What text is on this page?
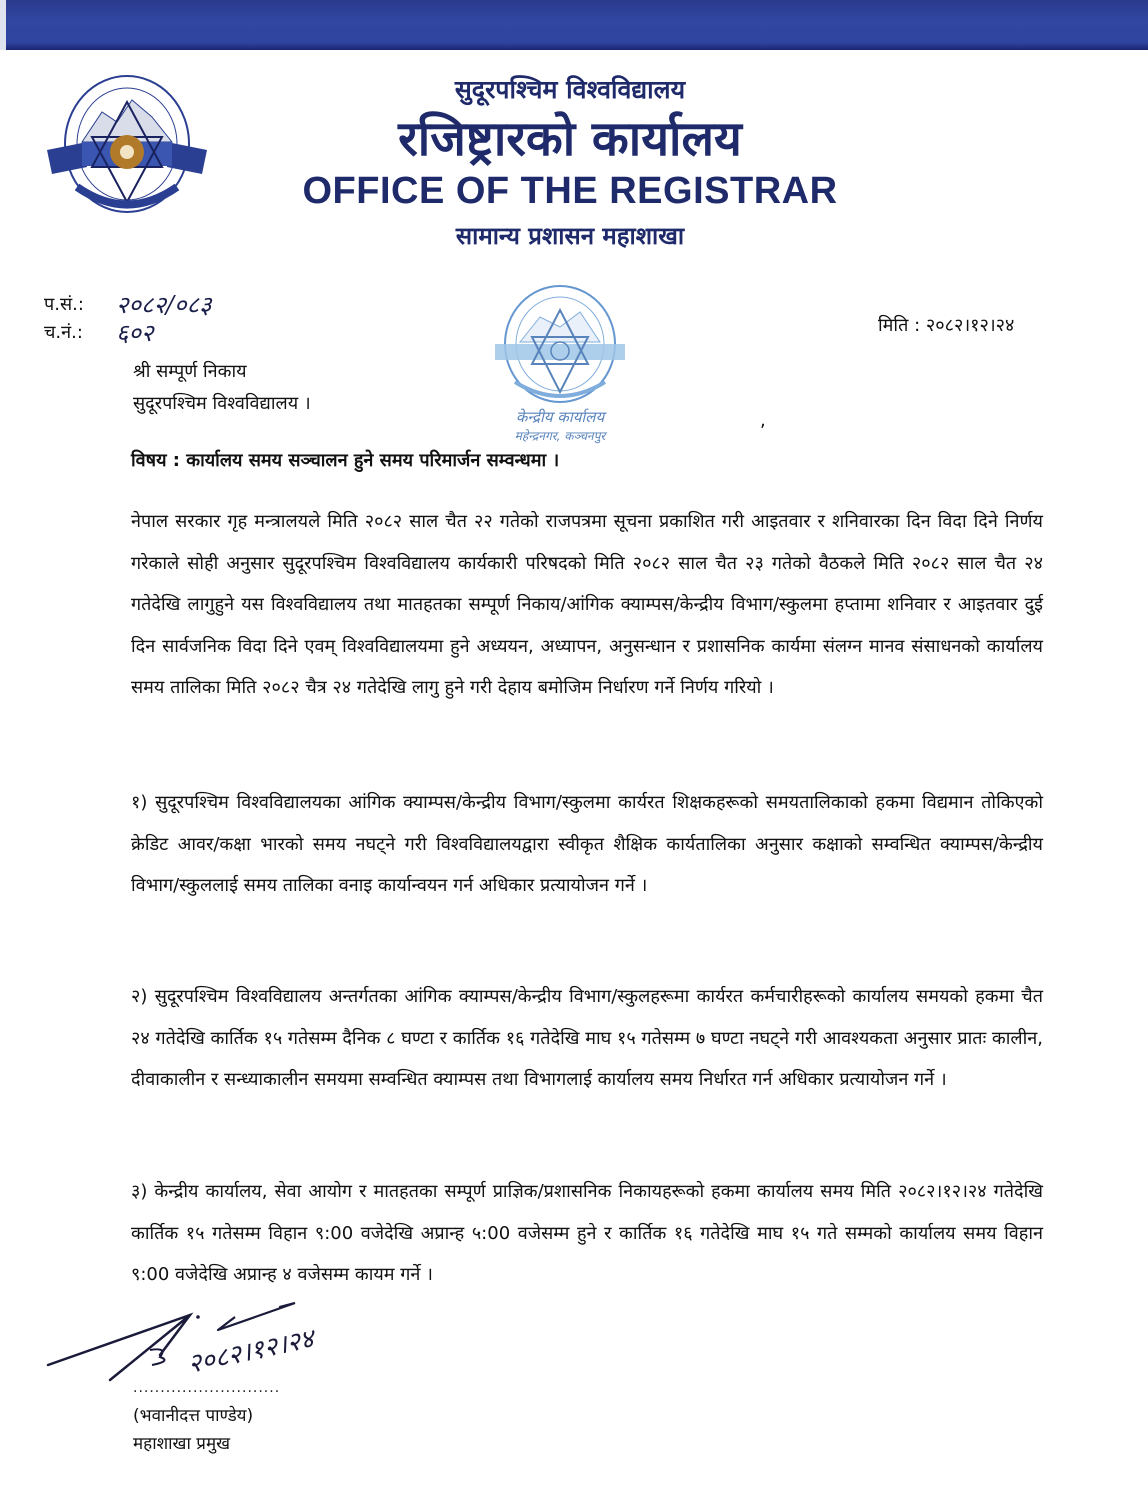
सुदूरपश्चिम विश्वविद्यालय
रजिष्ट्रारको कार्यालय
OFFICE OF THE REGISTRAR
सामान्य प्रशासन महाशाखा
प.सं.:	२०८२/०८३
च.नं.:	६०२
केन्द्रीय कार्यालय
महेन्द्रनगर, कञ्चनपुर
मिति : २०८२।१२।२४
श्री सम्पूर्ण निकाय
सुदूरपश्चिम विश्वविद्यालय ।
,
विषय : कार्यालय समय सञ्चालन हुने समय परिमार्जन सम्वन्धमा ।

नेपाल सरकार गृह मन्त्रालयले मिति २०८२ साल चैत २२ गतेको राजपत्रमा सूचना प्रकाशित गरी आइतवार र शनिवारका दिन विदा दिने निर्णय गरेकाले सोही अनुसार सुदूरपश्चिम विश्वविद्यालय कार्यकारी परिषदको मिति २०८२ साल चैत २३ गतेको वैठकले मिति २०८२ साल चैत २४ गतेदेखि लागुहुने यस विश्वविद्यालय तथा मातहतका सम्पूर्ण निकाय/आंगिक क्याम्पस/केन्द्रीय विभाग/स्कुलमा हप्तामा शनिवार र आइतवार दुई दिन सार्वजनिक विदा दिने एवम् विश्वविद्यालयमा हुने अध्ययन, अध्यापन, अनुसन्धान र प्रशासनिक कार्यमा संलग्न मानव संसाधनको कार्यालय समय तालिका मिति २०८२ चैत्र २४ गतेदेखि लागु हुने गरी देहाय बमोजिम निर्धारण गर्ने निर्णय गरियो ।

१) सुदूरपश्चिम विश्वविद्यालयका आंगिक क्याम्पस/केन्द्रीय विभाग/स्कुलमा कार्यरत शिक्षकहरूको समयतालिकाको हकमा विद्यमान तोकिएको क्रेडिट आवर/कक्षा भारको समय नघट्ने गरी विश्वविद्यालयद्वारा स्वीकृत शैक्षिक कार्यतालिका अनुसार कक्षाको सम्वन्धित क्याम्पस/केन्द्रीय विभाग/स्कुललाई समय तालिका वनाइ कार्यान्वयन गर्न अधिकार प्रत्यायोजन गर्ने ।

२) सुदूरपश्चिम विश्वविद्यालय अन्तर्गतका आंगिक क्याम्पस/केन्द्रीय विभाग/स्कुलहरूमा कार्यरत कर्मचारीहरूको कार्यालय समयको हकमा चैत २४ गतेदेखि कार्तिक १५ गतेसम्म दैनिक ८ घण्टा र कार्तिक १६ गतेदेखि माघ १५ गतेसम्म ७ घण्टा नघट्ने गरी आवश्यकता अनुसार प्रातः कालीन, दीवाकालीन र सन्ध्याकालीन समयमा सम्वन्धित क्याम्पस तथा विभागलाई कार्यालय समय निर्धारत गर्न अधिकार प्रत्यायोजन गर्ने ।

३) केन्द्रीय कार्यालय, सेवा आयोग र मातहतका सम्पूर्ण प्राज्ञिक/प्रशासनिक निकायहरूको हकमा कार्यालय समय मिति २०८२।१२।२४ गतेदेखि कार्तिक १५ गतेसम्म विहान ९:00 वजेदेखि अप्रान्ह ५:00 वजेसम्म हुने र कार्तिक १६ गतेदेखि माघ १५ गते सम्मको कार्यालय समय विहान ९:00 वजेदेखि अप्रान्ह ४ वजेसम्म कायम गर्ने ।

२०८२।१२।२४
...........................
(भवानीदत्त पाण्डेय)
महाशाखा प्रमुख
